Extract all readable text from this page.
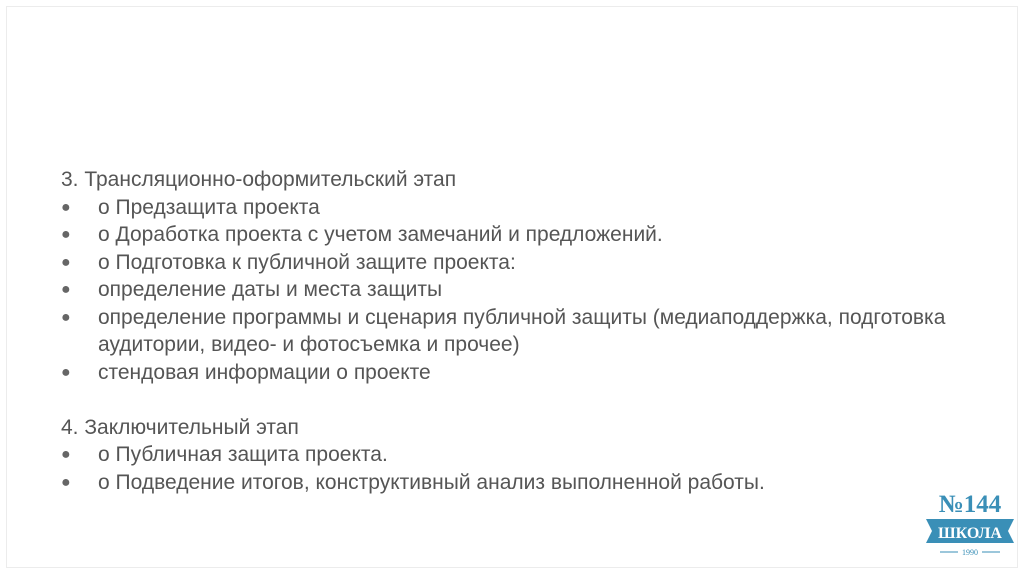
3. Трансляционно-оформительский этап

●	o Предзащита проекта
●	o Доработка проекта с учетом замечаний и предложений.
●	o Подготовка к публичной защите проекта:
●	определение даты и места защиты
●	определение программы и сценария публичной защиты (медиаподдержка, подготовка аудитории, видео- и фотосъемка и прочее)
●	стендовая информации о проекте

4. Заключительный этап

●	o Публичная защита проекта.
●	o Подведение итогов, конструктивный анализ выполненной работы.
№144
ШКОЛА
1990
